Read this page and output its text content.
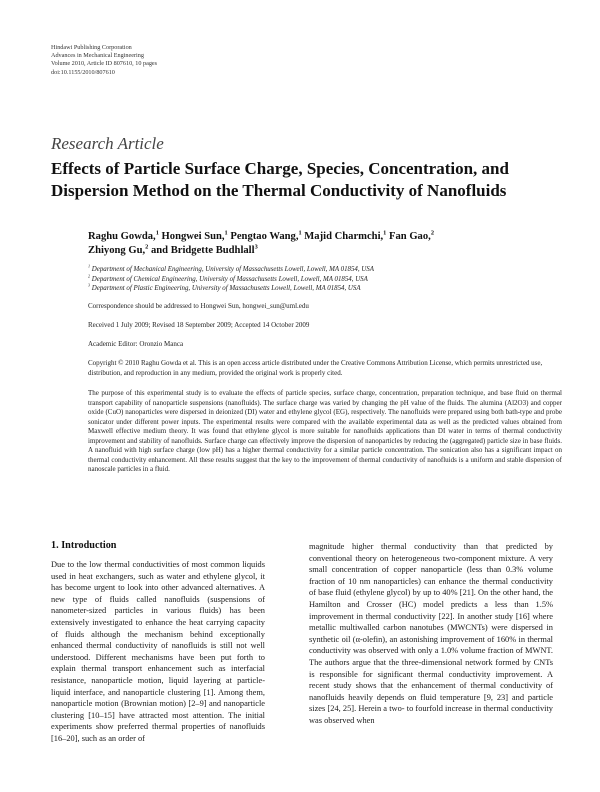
Hindawi Publishing Corporation
Advances in Mechanical Engineering
Volume 2010, Article ID 807610, 10 pages
doi:10.1155/2010/807610
Research Article
Effects of Particle Surface Charge, Species, Concentration, and
Dispersion Method on the Thermal Conductivity of Nanofluids
Raghu Gowda,$^1$ Hongwei Sun,$^1$ Pengtao Wang,$^1$ Majid Charmchi,$^1$ Fan Gao,$^2$
Zhiyong Gu,$^2$ and Bridgette Budhlall$^3$
$^1$ Department of Mechanical Engineering, University of Massachusetts Lowell, Lowell, MA 01854, USA
$^2$ Department of Chemical Engineering, University of Massachusetts Lowell, Lowell, MA 01854, USA
$^3$ Department of Plastic Engineering, University of Massachusetts Lowell, Lowell, MA 01854, USA
Correspondence should be addressed to Hongwei Sun, hongwei_sun@uml.edu
Received 1 July 2009; Revised 18 September 2009; Accepted 14 October 2009
Academic Editor: Oronzio Manca
Copyright © 2010 Raghu Gowda et al. This is an open access article distributed under the Creative Commons Attribution License, which permits unrestricted use, distribution, and reproduction in any medium, provided the original work is properly cited.
The purpose of this experimental study is to evaluate the effects of particle species, surface charge, concentration, preparation technique, and base fluid on thermal transport capability of nanoparticle suspensions (nanofluids). The surface charge was varied by changing the pH value of the fluids. The alumina (Al2O3) and copper oxide (CuO) nanoparticles were dispersed in deionized (DI) water and ethylene glycol (EG), respectively. The nanofluids were prepared using both bath-type and probe sonicator under different power inputs. The experimental results were compared with the available experimental data as well as the predicted values obtained from Maxwell effective medium theory. It was found that ethylene glycol is more suitable for nanofluids applications than DI water in terms of thermal conductivity improvement and stability of nanofluids. Surface charge can effectively improve the dispersion of nanoparticles by reducing the (aggregated) particle size in base fluids. A nanofluid with high surface charge (low pH) has a higher thermal conductivity for a similar particle concentration. The sonication also has a significant impact on thermal conductivity enhancement. All these results suggest that the key to the improvement of thermal conductivity of nanofluids is a uniform and stable dispersion of nanoscale particles in a fluid.
1. Introduction
Due to the low thermal conductivities of most common liquids used in heat exchangers, such as water and ethylene glycol, it has become urgent to look into other advanced alternatives. A new type of fluids called nanofluids (suspensions of nanometer-sized particles in various fluids) has been extensively investigated to enhance the heat carrying capacity of fluids although the mechanism behind exceptionally enhanced thermal conductivity of nanofluids is still not well understood. Different mechanisms have been put forth to explain thermal transport enhancement such as interfacial resistance, nanoparticle motion, liquid layering at particle-liquid interface, and nanoparticle clustering [1]. Among them, nanoparticle motion (Brownian motion) [2–9] and nanoparticle clustering [10–15] have attracted most attention. The initial experiments show preferred thermal properties of nanofluids [16–20], such as an order of
magnitude higher thermal conductivity than that predicted by conventional theory on heterogeneous two-component mixture. A very small concentration of copper nanoparticle (less than 0.3% volume fraction of 10 nm nanoparticles) can enhance the thermal conductivity of base fluid (ethylene glycol) by up to 40% [21]. On the other hand, the Hamilton and Crosser (HC) model predicts a less than 1.5% improvement in thermal conductivity [22]. In another study [16] where metallic multiwalled carbon nanotubes (MWCNTs) were dispersed in synthetic oil (α-olefin), an astonishing improvement of 160% in thermal conductivity was observed with only a 1.0% volume fraction of MWNT. The authors argue that the three-dimensional network formed by CNTs is responsible for significant thermal conductivity improvement. A recent study shows that the enhancement of thermal conductivity of nanofluids heavily depends on fluid temperature [9, 23] and particle sizes [24, 25]. Herein a two- to fourfold increase in thermal conductivity was observed when
